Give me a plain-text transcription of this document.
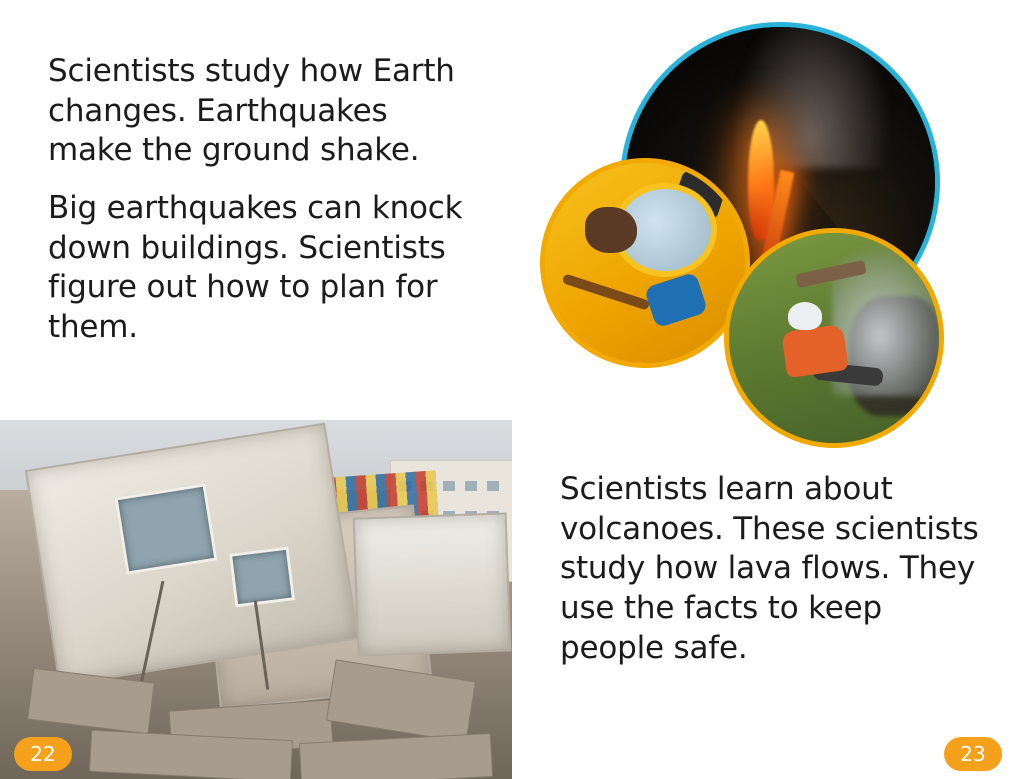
Scientists study how Earth changes. Earthquakes make the ground shake.

Big earthquakes can knock down buildings. Scientists figure out how to plan for them.

22

Scientists learn about volcanoes. These scientists study how lava flows. They use the facts to keep people safe.

23
